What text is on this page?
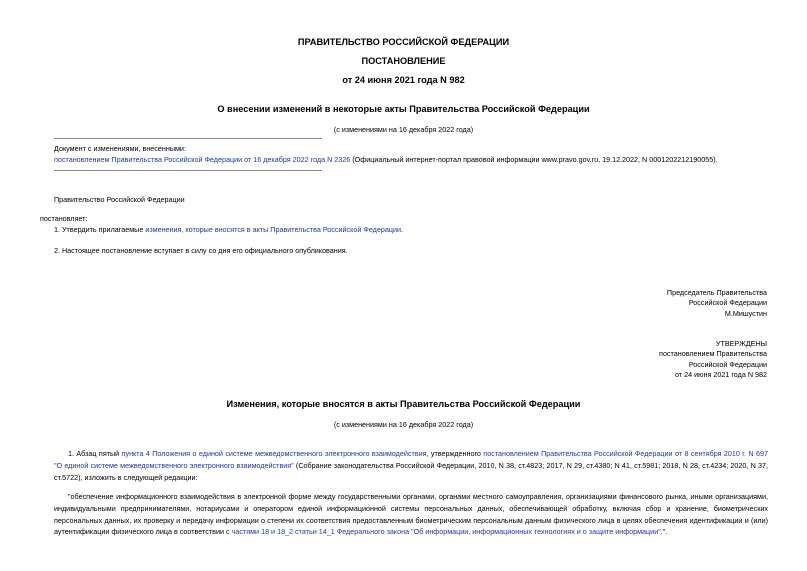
ПРАВИТЕЛЬСТВО РОССИЙСКОЙ ФЕДЕРАЦИИ
ПОСТАНОВЛЕНИЕ
от 24 июня 2021 года N 982
О внесении изменений в некоторые акты Правительства Российской Федерации
(с изменениями на 16 декабря 2022 года)
Документ с изменениями, внесенными:
постановлением Правительства Российской Федерации от 16 декабря 2022 года N 2326 (Официальный интернет-портал правовой информации www.pravo.gov.ru, 19.12.2022, N 0001202212190055).
Правительство Российской Федерации
постановляет:
1. Утвердить прилагаемые изменения, которые вносятся в акты Правительства Российской Федерации.
2. Настоящее постановление вступает в силу со дня его официального опубликования.
Председатель Правительства
Российской Федерации
М.Мишустин
УТВЕРЖДЕНЫ
постановлением Правительства
Российской Федерации
от 24 июня 2021 года N 982
Изменения, которые вносятся в акты Правительства Российской Федерации
(с изменениями на 16 декабря 2022 года)
1. Абзац пятый пункта 4 Положения о единой системе межведомственного электронного взаимодействия, утвержденного постановлением Правительства Российской Федерации от 8 сентября 2010 г. N 697 "О единой системе межведомственного электронного взаимодействия" (Собрание законодательства Российской Федерации, 2010, N 38, ст.4823; 2017, N 29, ст.4380; N 41, ст.5981; 2018, N 28, ст.4234; 2020, N 37, ст.5722), изложить в следующей редакции:
"обеспечение информационного взаимодействия в электронной форме между государственными органами, органами местного самоуправления, организациями финансового рынка, иными организациями, индивидуальными предпринимателями, нотариусами и оператором единой информационной системы персональных данных, обеспечивающей обработку, включая сбор и хранение, биометрических персональных данных, их проверку и передачу информации о степени их соответствия предоставленным биометрическим персональным данным физического лица в целях обеспечения идентификации и (или) аутентификации физического лица в соответствии с частями 18 и 18_2 статьи 14_1 Федерального закона "Об информации, информационных технологиях и о защите информации".".
